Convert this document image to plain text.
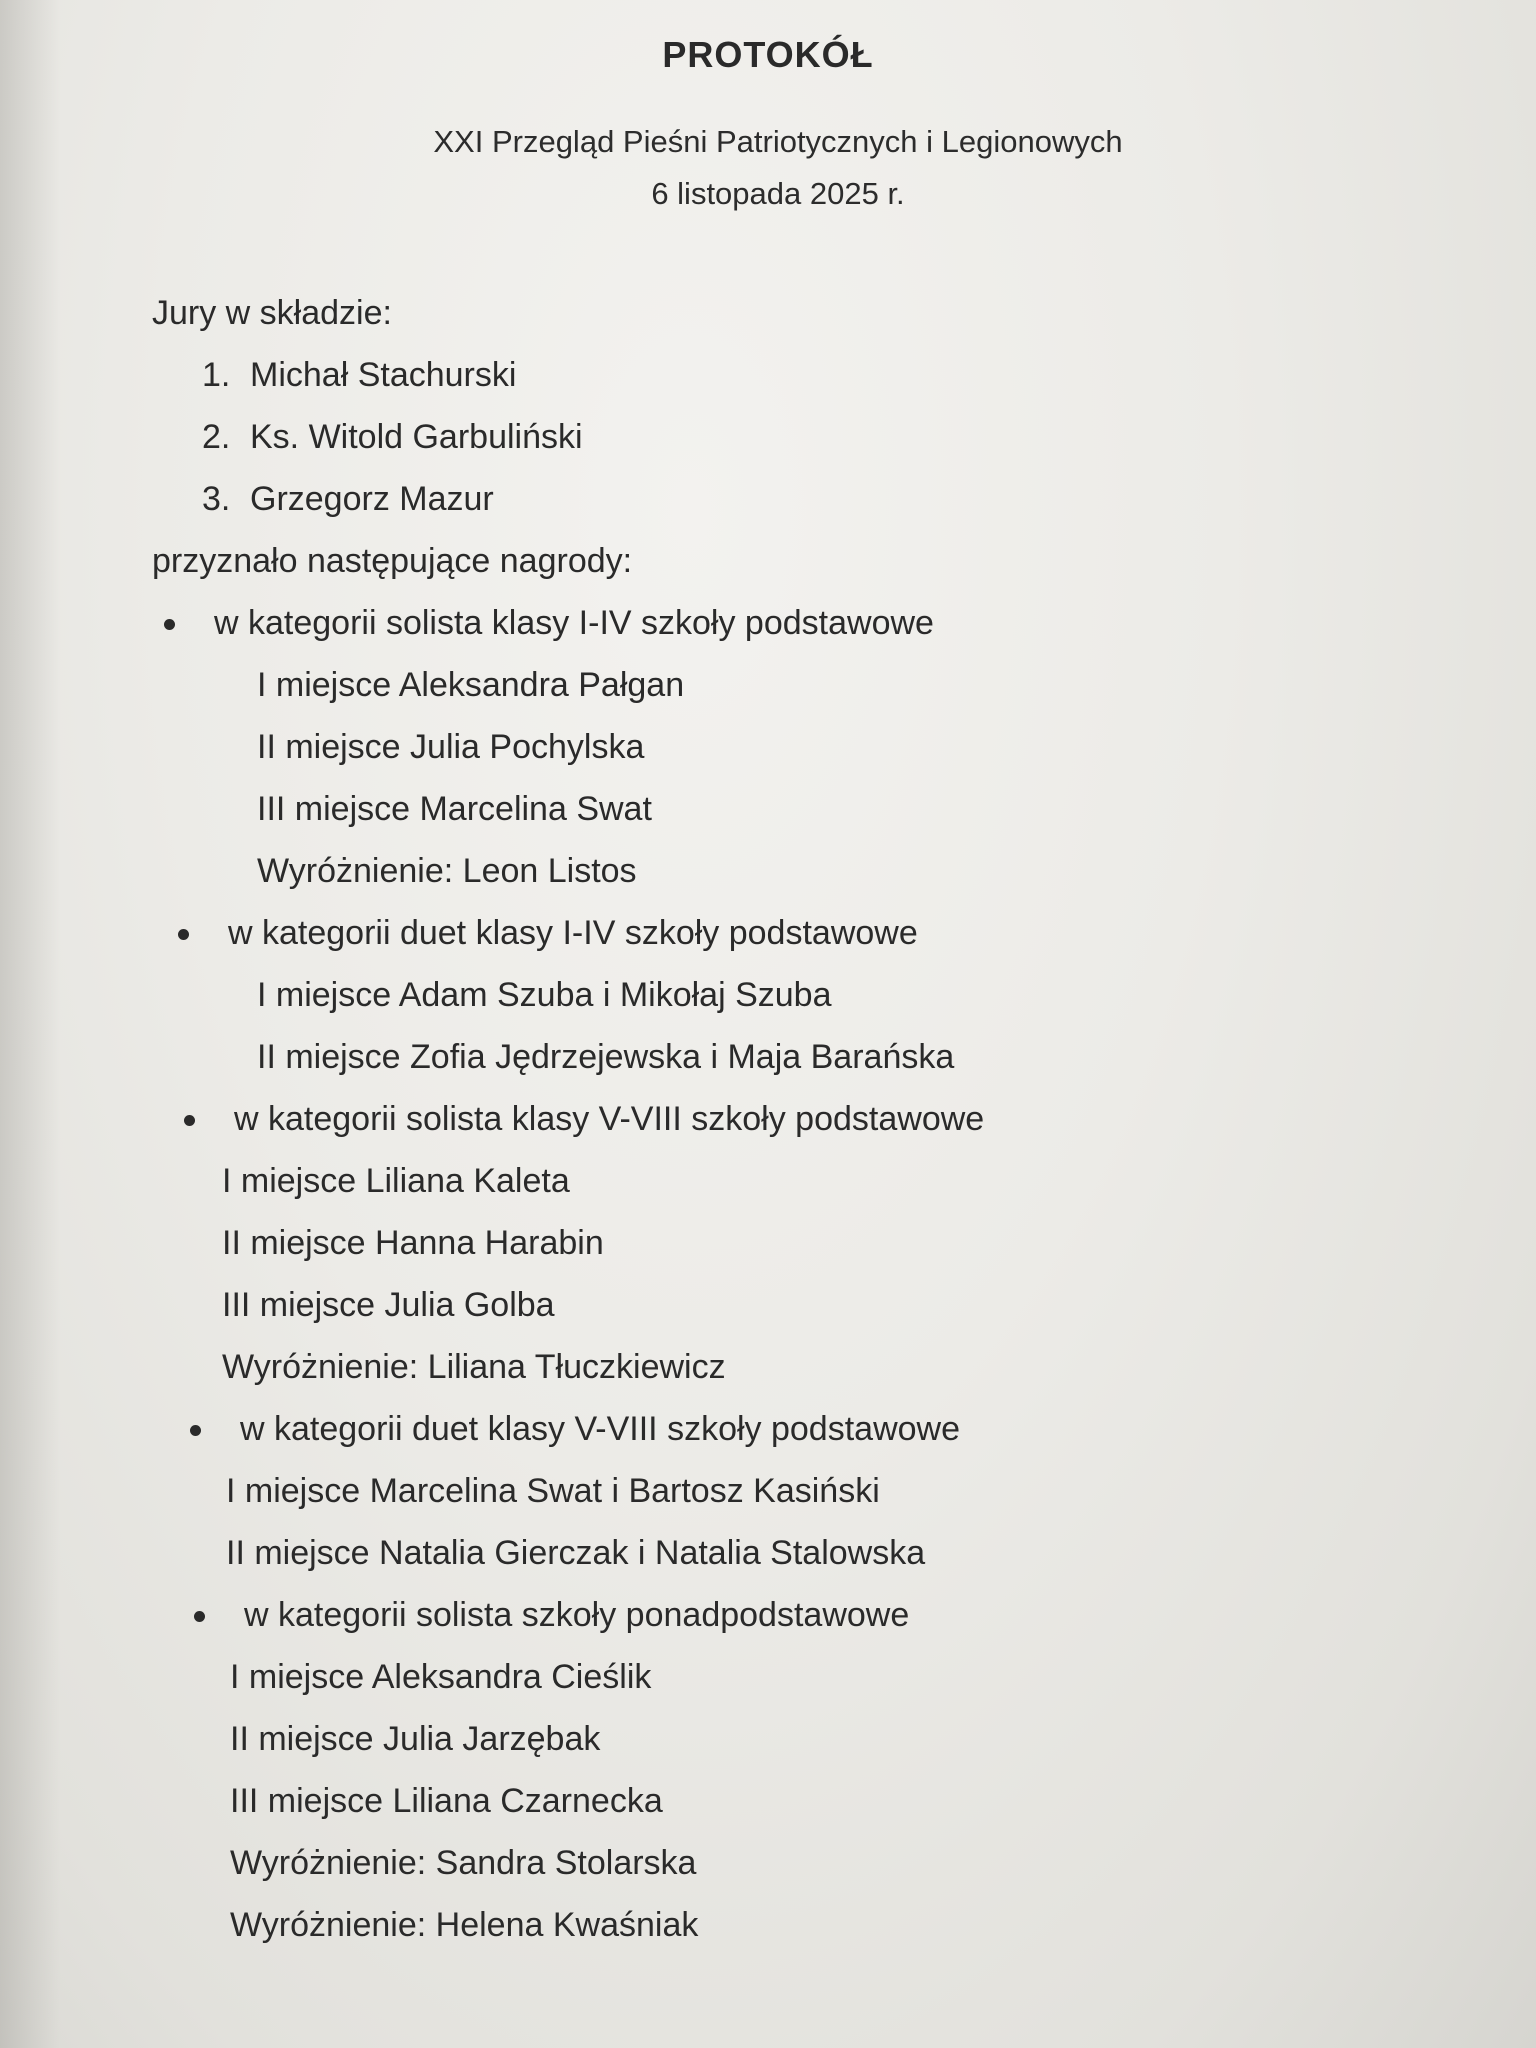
PROTOKÓŁ
XXI Przegląd Pieśni Patriotycznych i Legionowych
6 listopada 2025 r.
Jury w składzie:
1. Michał Stachurski
2. Ks. Witold Garbuliński
3. Grzegorz Mazur
przyznało następujące nagrody:
w kategorii solista klasy I-IV szkoły podstawowe
I miejsce Aleksandra Pałgan
II miejsce Julia Pochylska
III miejsce Marcelina Swat
Wyróżnienie: Leon Listos
w kategorii duet klasy I-IV szkoły podstawowe
I miejsce Adam Szuba i Mikołaj Szuba
II miejsce Zofia Jędrzejewska i Maja Barańska
w kategorii solista klasy V-VIII szkoły podstawowe
I miejsce Liliana Kaleta
II miejsce Hanna Harabin
III miejsce Julia Golba
Wyróżnienie: Liliana Tłuczkiewicz
w kategorii duet klasy V-VIII szkoły podstawowe
I miejsce Marcelina Swat i Bartosz Kasiński
II miejsce Natalia Gierczak i Natalia Stalowska
w kategorii solista szkoły ponadpodstawowe
I miejsce Aleksandra Cieślik
II miejsce Julia Jarzębak
III miejsce Liliana Czarnecka
Wyróżnienie: Sandra Stolarska
Wyróżnienie: Helena Kwaśniak
